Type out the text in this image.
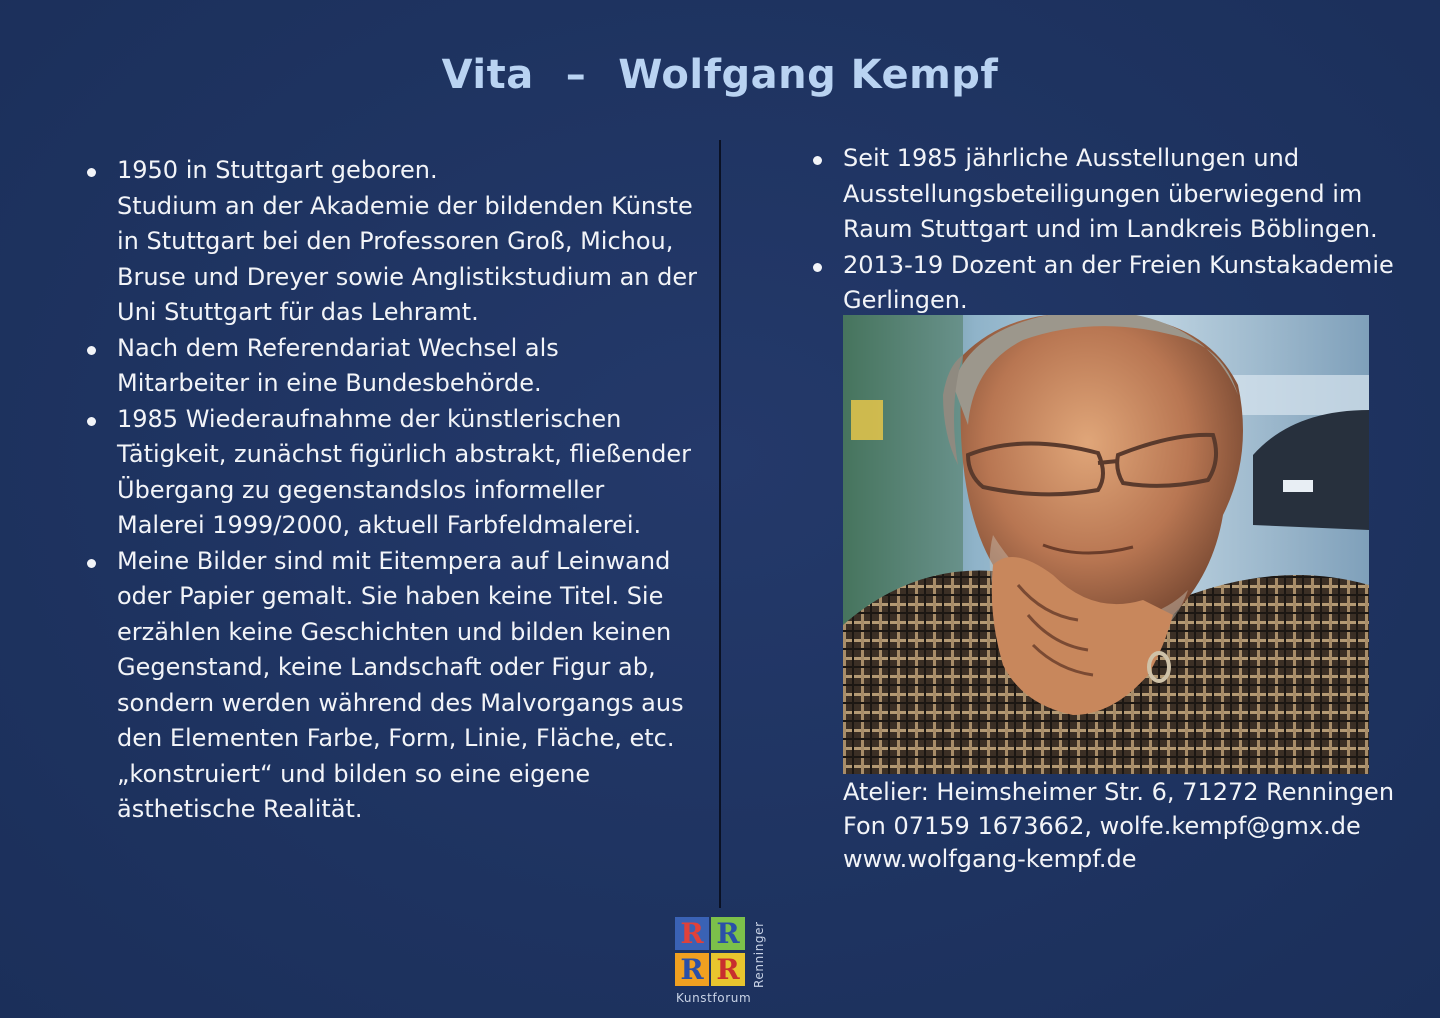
Vita – Wolfgang Kempf
1950 in Stuttgart geboren.
Studium an der Akademie der bildenden Künste
in Stuttgart bei den Professoren Groß, Michou,
Bruse und Dreyer sowie Anglistikstudium an der
Uni Stuttgart für das Lehramt.
Nach dem Referendariat Wechsel als
Mitarbeiter in eine Bundesbehörde.
1985 Wiederaufnahme der künstlerischen
Tätigkeit, zunächst figürlich abstrakt, fließender
Übergang zu gegenstandslos informeller
Malerei 1999/2000, aktuell Farbfeldmalerei.
Meine Bilder sind mit Eitempera auf Leinwand
oder Papier gemalt. Sie haben keine Titel. Sie
erzählen keine Geschichten und bilden keinen
Gegenstand, keine Landschaft oder Figur ab,
sondern werden während des Malvorgangs aus
den Elementen Farbe, Form, Linie, Fläche, etc.
„konstruiert“ und bilden so eine eigene
ästhetische Realität.
Seit 1985 jährliche Ausstellungen und
Ausstellungsbeteiligungen überwiegend im
Raum Stuttgart und im Landkreis Böblingen.
2013-19 Dozent an der Freien Kunstakademie
Gerlingen.
Atelier: Heimsheimer Str. 6, 71272 Renningen
Fon 07159 1673662, wolfe.kempf@gmx.de
www.wolfgang-kempf.de
R R
R R
Kunstforum
Renninger
